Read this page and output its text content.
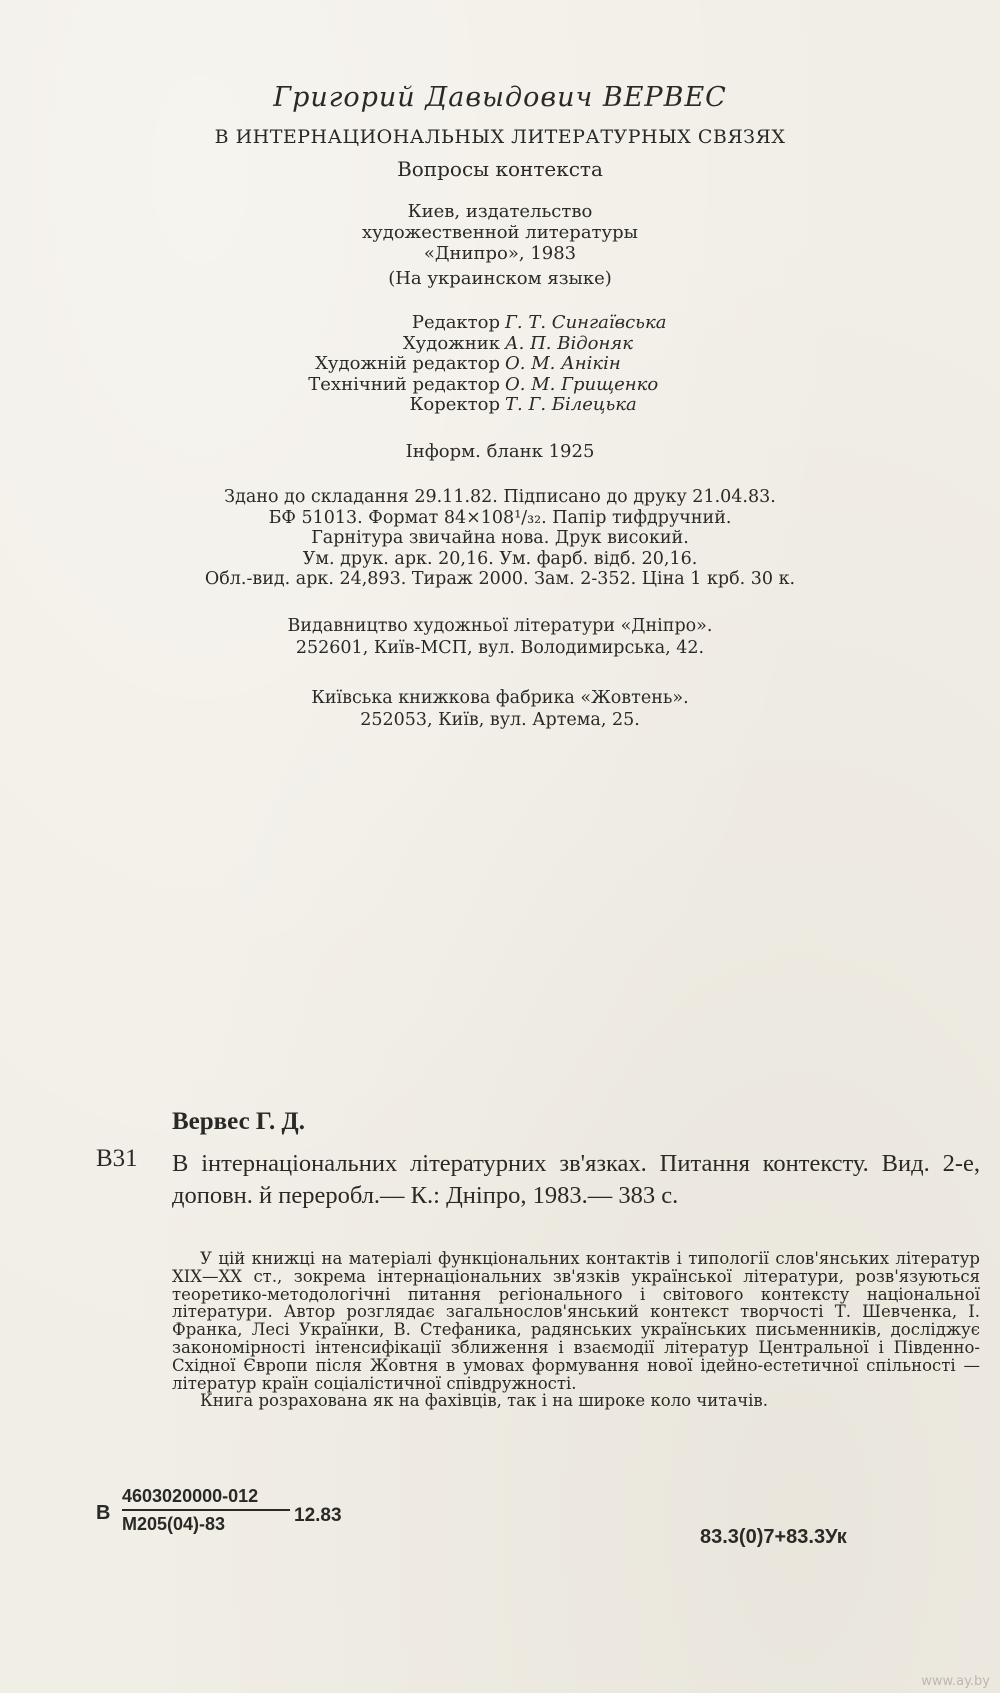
Григорий Давыдович ВЕРВЕС
В ИНТЕРНАЦИОНАЛЬНЫХ ЛИТЕРАТУРНЫХ СВЯЗЯХ
Вопросы контекста
Киев, издательство
художественной литературы
«Днипро», 1983
(На украинском языке)
Редактор Г. Т. Сингаївська
Художник А. П. Відоняк
Художній редактор О. М. Анікін
Технічний редактор О. М. Грищенко
Коректор Т. Г. Білецька
Інформ. бланк 1925
Здано до складання 29.11.82. Підписано до друку 21.04.83.
БФ 51013. Формат 84×108¹/₃₂. Папір тифдручний.
Гарнітура звичайна нова. Друк високий.
Ум. друк. арк. 20,16. Ум. фарб. відб. 20,16.
Обл.-вид. арк. 24,893. Тираж 2000. Зам. 2-352. Ціна 1 крб. 30 к.
Видавництво художньої літератури «Дніпро».
252601, Київ-МСП, вул. Володимирська, 42.
Київська книжкова фабрика «Жовтень».
252053, Київ, вул. Артема, 25.
Вервес Г. Д.
В31 В інтернаціональних літературних зв'язках. Питання контексту. Вид. 2-е, доповн. й переробл.— К.: Дніпро, 1983.— 383 с.
У цій книжці на матеріалі функціональних контактів і типології слов'янських літератур XIX—XX ст., зокрема інтернаціональних зв'язків української літератури, розв'язуються теоретико-методологічні питання регіонального і світового контексту національної літератури. Автор розглядає загальнослов'янський контекст творчості Т. Шевченка, І. Франка, Лесі Українки, В. Стефаника, радянських українських письменників, досліджує закономірності інтенсифікації зближення і взаємодії літератур Центральної і Південно-Східної Європи після Жовтня в умовах формування нової ідейно-естетичної спільності — літератур країн соціалістичної співдружності.
Книга розрахована як на фахівців, так і на широке коло читачів.
В
4603020000-012
М205(04)-83	12.83
83.3(0)7+83.3Ук
www.ay.by
